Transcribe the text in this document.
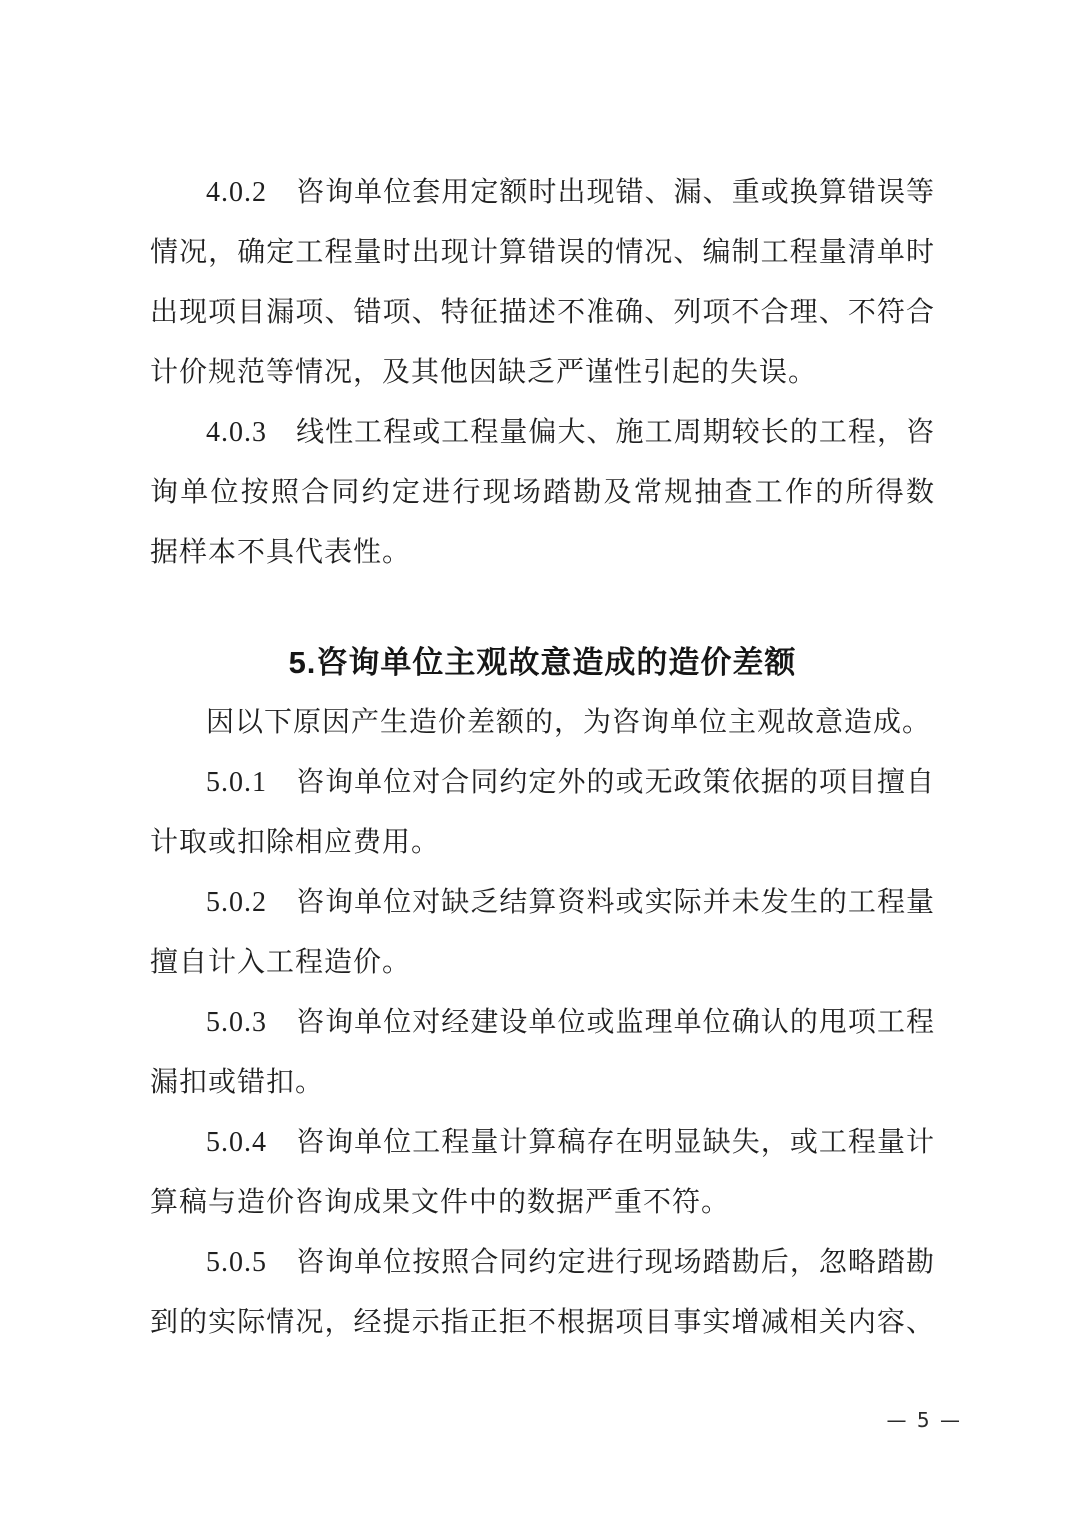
4.0.2　咨询单位套用定额时出现错、漏、重或换算错误等
情况，确定工程量时出现计算错误的情况、编制工程量清单时
出现项目漏项、错项、特征描述不准确、列项不合理、不符合
计价规范等情况，及其他因缺乏严谨性引起的失误。
4.0.3　线性工程或工程量偏大、施工周期较长的工程，咨
询单位按照合同约定进行现场踏勘及常规抽查工作的所得数
据样本不具代表性。
5.咨询单位主观故意造成的造价差额
因以下原因产生造价差额的，为咨询单位主观故意造成。
5.0.1　咨询单位对合同约定外的或无政策依据的项目擅自
计取或扣除相应费用。
5.0.2　咨询单位对缺乏结算资料或实际并未发生的工程量
擅自计入工程造价。
5.0.3　咨询单位对经建设单位或监理单位确认的甩项工程
漏扣或错扣。
5.0.4　咨询单位工程量计算稿存在明显缺失，或工程量计
算稿与造价咨询成果文件中的数据严重不符。
5.0.5　咨询单位按照合同约定进行现场踏勘后，忽略踏勘
到的实际情况，经提示指正拒不根据项目事实增减相关内容、
— 5 —
